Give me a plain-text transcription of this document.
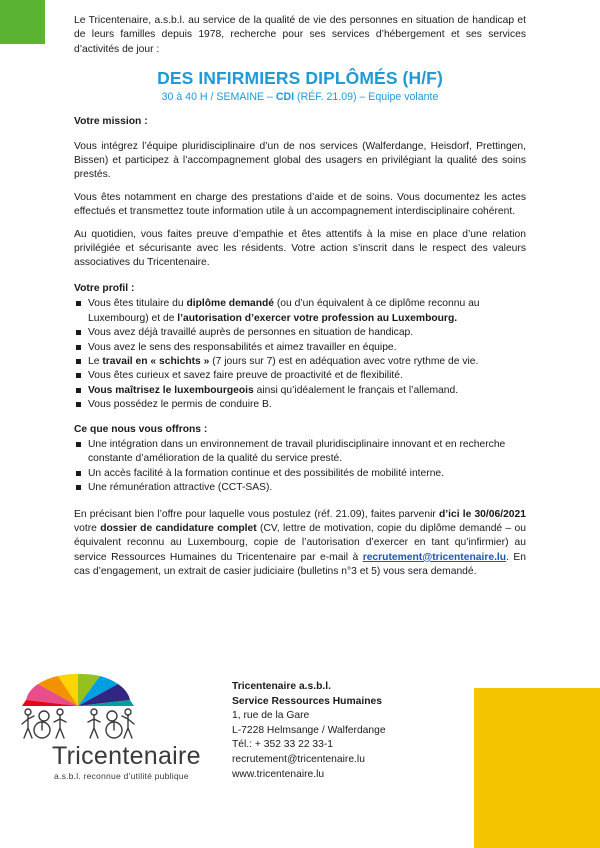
Le Tricentenaire, a.s.b.l. au service de la qualité de vie des personnes en situation de handicap et de leurs familles depuis 1978, recherche pour ses services d’hébergement et ses services d’activités de jour :

DES INFIRMIERS DIPLÔMÉS (H/F)
30 à 40 H / SEMAINE – CDI (RÉF. 21.09) – Equipe volante
Votre mission :

Vous intégrez l’équipe pluridisciplinaire d’un de nos services (Walferdange, Heisdorf, Prettingen, Bissen) et participez à l’accompagnement global des usagers en privilégiant la qualité des soins prestés.

Vous êtes notamment en charge des prestations d’aide et de soins. Vous documentez les actes effectués et transmettez toute information utile à un accompagnement interdisciplinaire cohérent.

Au quotidien, vous faites preuve d’empathie et êtes attentifs à la mise en place d’une relation privilégiée et sécurisante avec les résidents. Votre action s’inscrit dans le respect des valeurs associatives du Tricentenaire.

Votre profil :
Vous êtes titulaire du diplôme demandé (ou d’un équivalent à ce diplôme reconnu au Luxembourg) et de l’autorisation d’exercer votre profession au Luxembourg.
Vous avez déjà travaillé auprès de personnes en situation de handicap.
Vous avez le sens des responsabilités et aimez travailler en équipe.
Le travail en « schichts » (7 jours sur 7) est en adéquation avec votre rythme de vie.
Vous êtes curieux et savez faire preuve de proactivité et de flexibilité.
Vous maîtrisez le luxembourgeois ainsi qu’idéalement le français et l’allemand.
Vous possédez le permis de conduire B.
Ce que nous vous offrons :
Une intégration dans un environnement de travail pluridisciplinaire innovant et en recherche constante d’amélioration de la qualité du service presté.
Un accès facilité à la formation continue et des possibilités de mobilité interne.
Une rémunération attractive (CCT-SAS).

En précisant bien l’offre pour laquelle vous postulez (réf. 21.09), faites parvenir d’ici le 30/06/2021 votre dossier de candidature complet (CV, lettre de motivation, copie du diplôme demandé – ou équivalent reconnu au Luxembourg, copie de l’autorisation d’exercer en tant qu’infirmier) au service Ressources Humaines du Tricentenaire par e-mail à recrutement@tricentenaire.lu. En cas d’engagement, un extrait de casier judiciaire (bulletins n°3 et 5) vous sera demandé.

Tricentenaire
a.s.b.l. reconnue d’utilité publique
Tricentenaire a.s.b.l.
Service Ressources Humaines
1, rue de la Gare
L-7228 Helmsange / Walferdange
Tél.: + 352 33 22 33-1
recrutement@tricentenaire.lu
www.tricentenaire.lu
